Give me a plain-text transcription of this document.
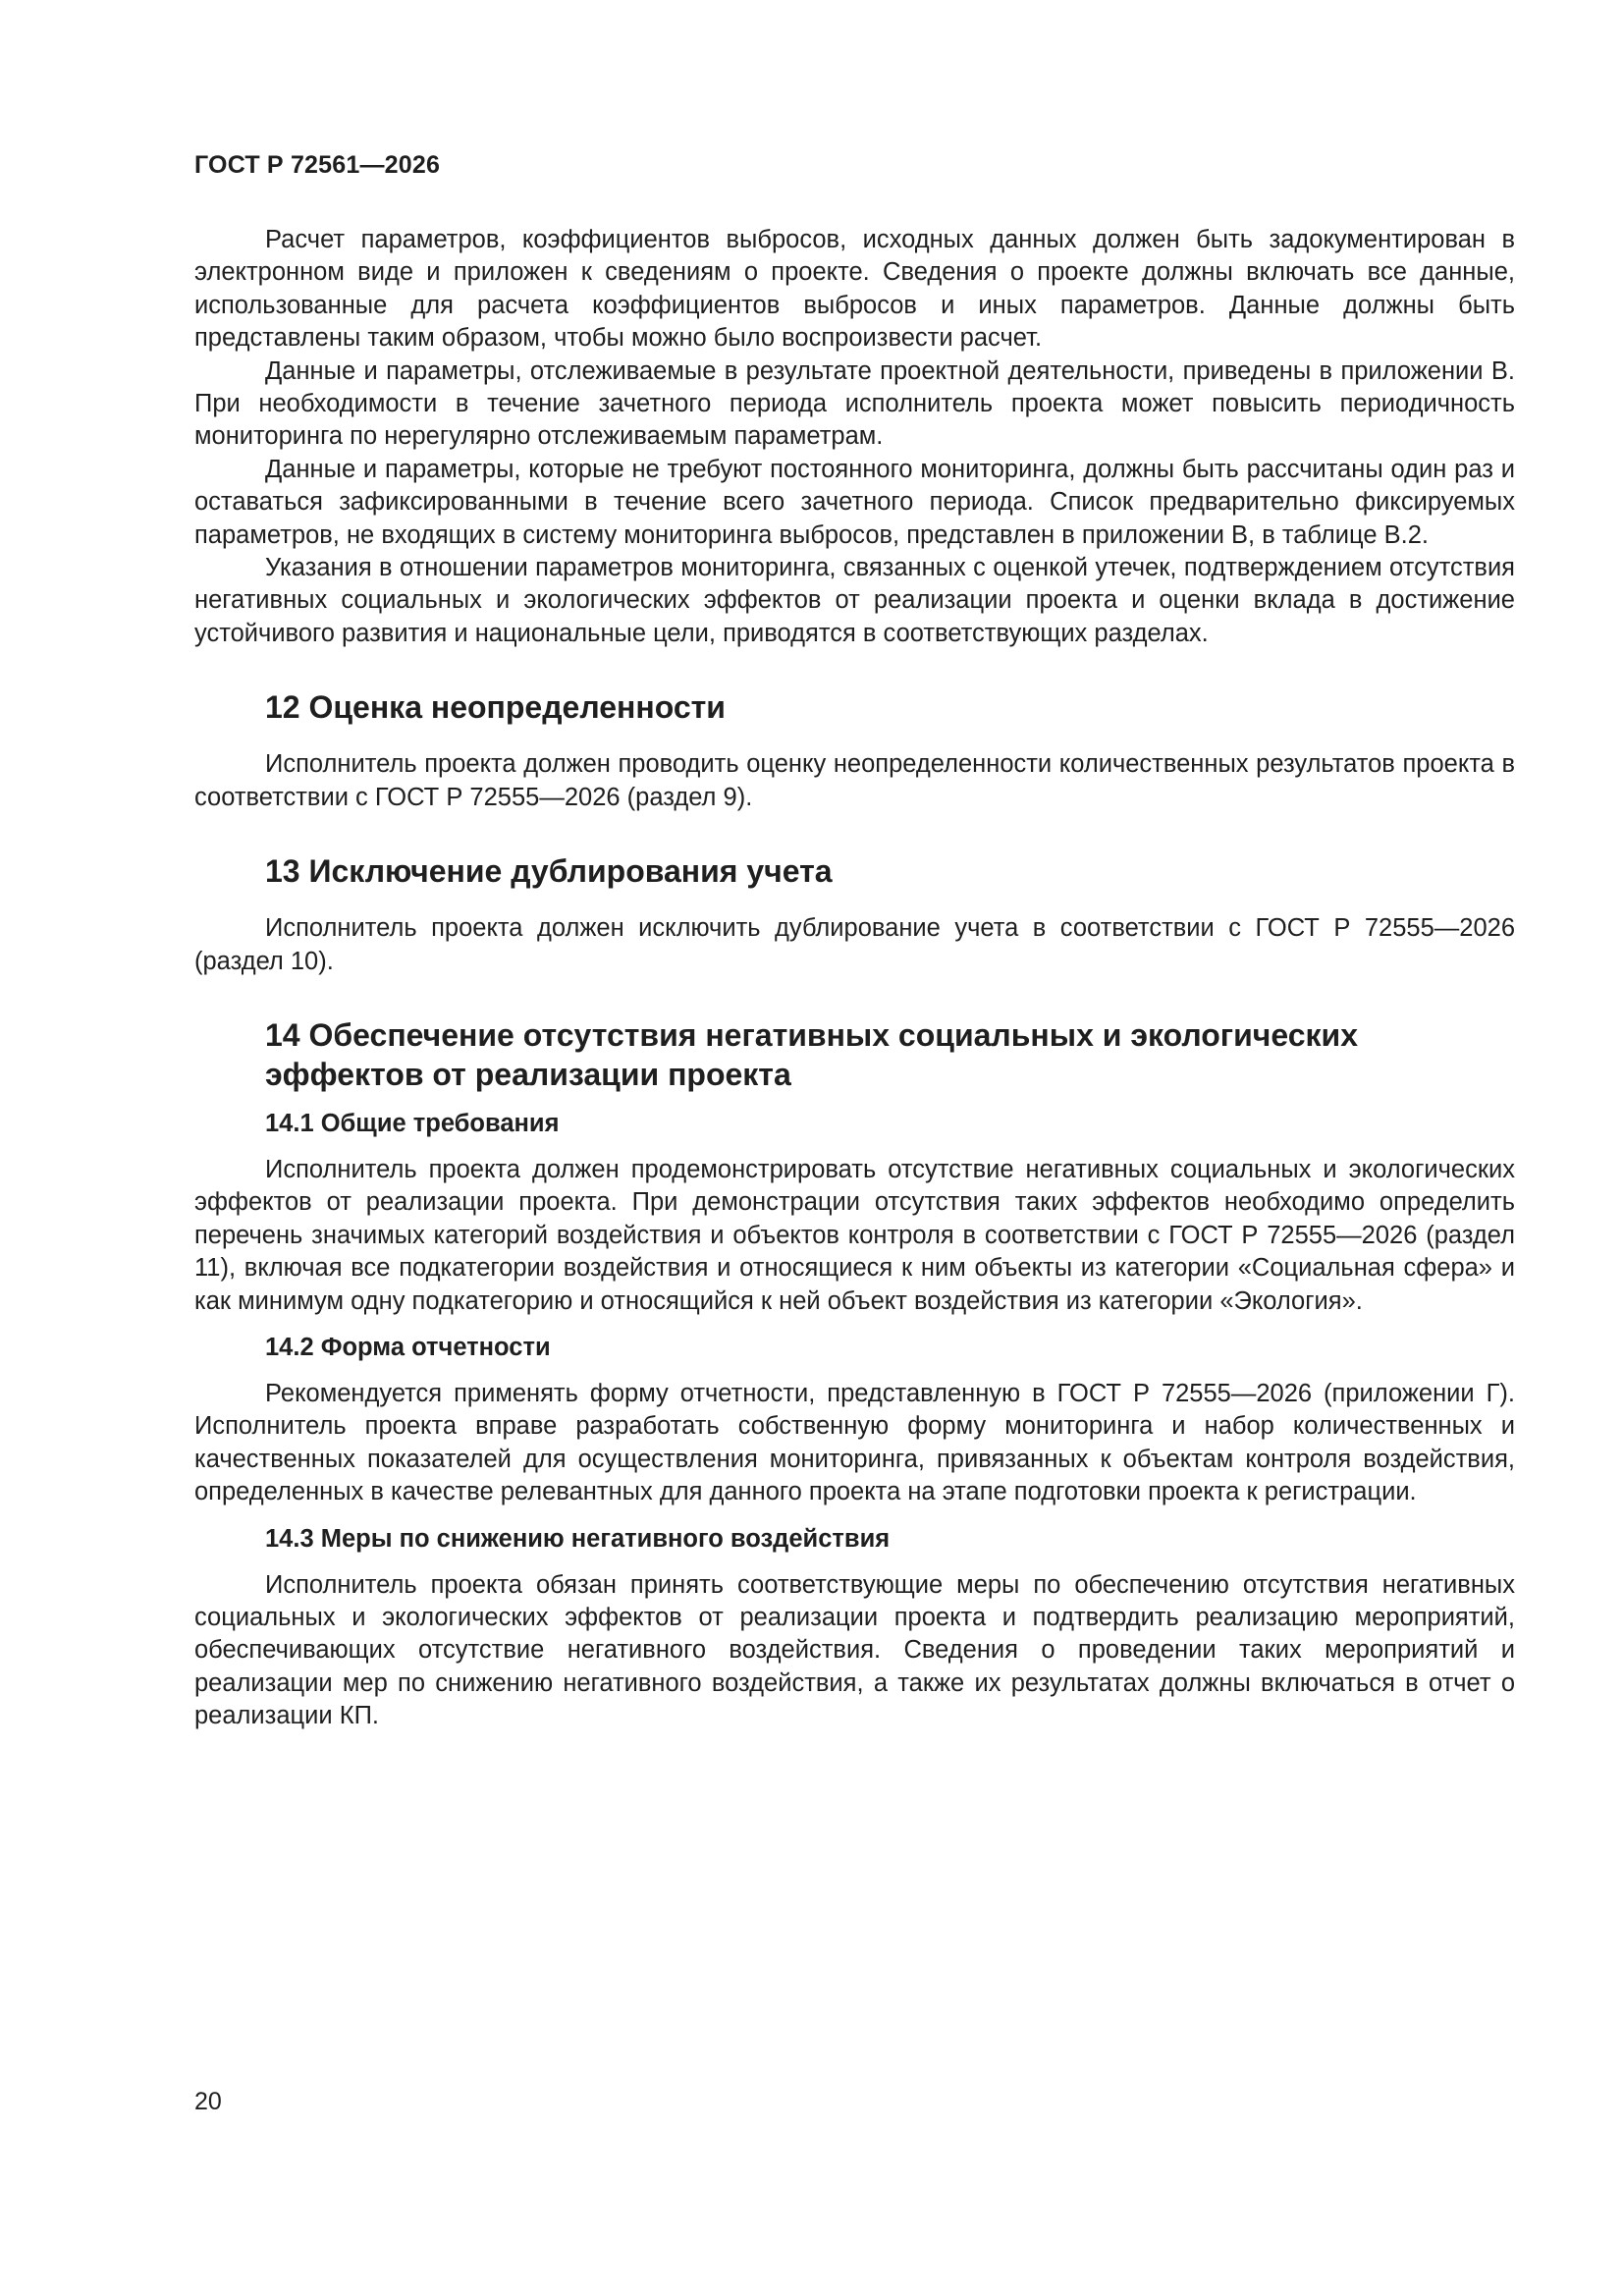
ГОСТ Р 72561—2026

Расчет параметров, коэффициентов выбросов, исходных данных должен быть задокументирован в электронном виде и приложен к сведениям о проекте. Сведения о проекте должны включать все данные, использованные для расчета коэффициентов выбросов и иных параметров. Данные должны быть представлены таким образом, чтобы можно было воспроизвести расчет.

Данные и параметры, отслеживаемые в результате проектной деятельности, приведены в приложении В. При необходимости в течение зачетного периода исполнитель проекта может повысить периодичность мониторинга по нерегулярно отслеживаемым параметрам.

Данные и параметры, которые не требуют постоянного мониторинга, должны быть рассчитаны один раз и оставаться зафиксированными в течение всего зачетного периода. Список предварительно фиксируемых параметров, не входящих в систему мониторинга выбросов, представлен в приложении В, в таблице В.2.

Указания в отношении параметров мониторинга, связанных с оценкой утечек, подтверждением отсутствия негативных социальных и экологических эффектов от реализации проекта и оценки вклада в достижение устойчивого развития и национальные цели, приводятся в соответствующих разделах.

12 Оценка неопределенности

Исполнитель проекта должен проводить оценку неопределенности количественных результатов проекта в соответствии с ГОСТ Р 72555—2026 (раздел 9).

13 Исключение дублирования учета

Исполнитель проекта должен исключить дублирование учета в соответствии с ГОСТ Р 72555—2026 (раздел 10).

14 Обеспечение отсутствия негативных социальных и экологических
эффектов от реализации проекта
14.1 Общие требования

Исполнитель проекта должен продемонстрировать отсутствие негативных социальных и экологических эффектов от реализации проекта. При демонстрации отсутствия таких эффектов необходимо определить перечень значимых категорий воздействия и объектов контроля в соответствии с ГОСТ Р 72555—2026 (раздел 11), включая все подкатегории воздействия и относящиеся к ним объекты из категории «Социальная сфера» и как минимум одну подкатегорию и относящийся к ней объект воздействия из категории «Экология».

14.2 Форма отчетности

Рекомендуется применять форму отчетности, представленную в ГОСТ Р 72555—2026 (приложении Г). Исполнитель проекта вправе разработать собственную форму мониторинга и набор количественных и качественных показателей для осуществления мониторинга, привязанных к объектам контроля воздействия, определенных в качестве релевантных для данного проекта на этапе подготовки проекта к регистрации.

14.3 Меры по снижению негативного воздействия

Исполнитель проекта обязан принять соответствующие меры по обеспечению отсутствия негативных социальных и экологических эффектов от реализации проекта и подтвердить реализацию мероприятий, обеспечивающих отсутствие негативного воздействия. Сведения о проведении таких мероприятий и реализации мер по снижению негативного воздействия, а также их результатах должны включаться в отчет о реализации КП.

20
